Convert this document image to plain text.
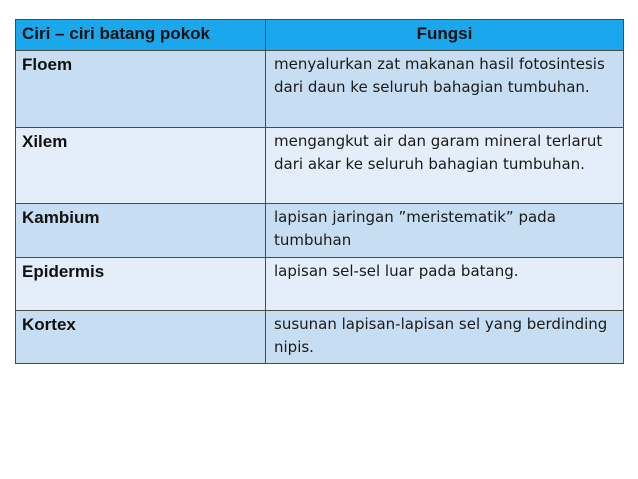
Ciri – ciri batang pokok	Fungsi
Floem	menyalurkan zat makanan hasil fotosintesis dari daun ke seluruh bahagian tumbuhan.
Xilem	mengangkut air dan garam mineral terlarut dari akar ke seluruh bahagian tumbuhan.
Kambium	lapisan jaringan ”meristematik” pada tumbuhan
Epidermis	lapisan sel-sel luar pada batang.
Kortex	susunan lapisan-lapisan sel yang berdinding nipis.
